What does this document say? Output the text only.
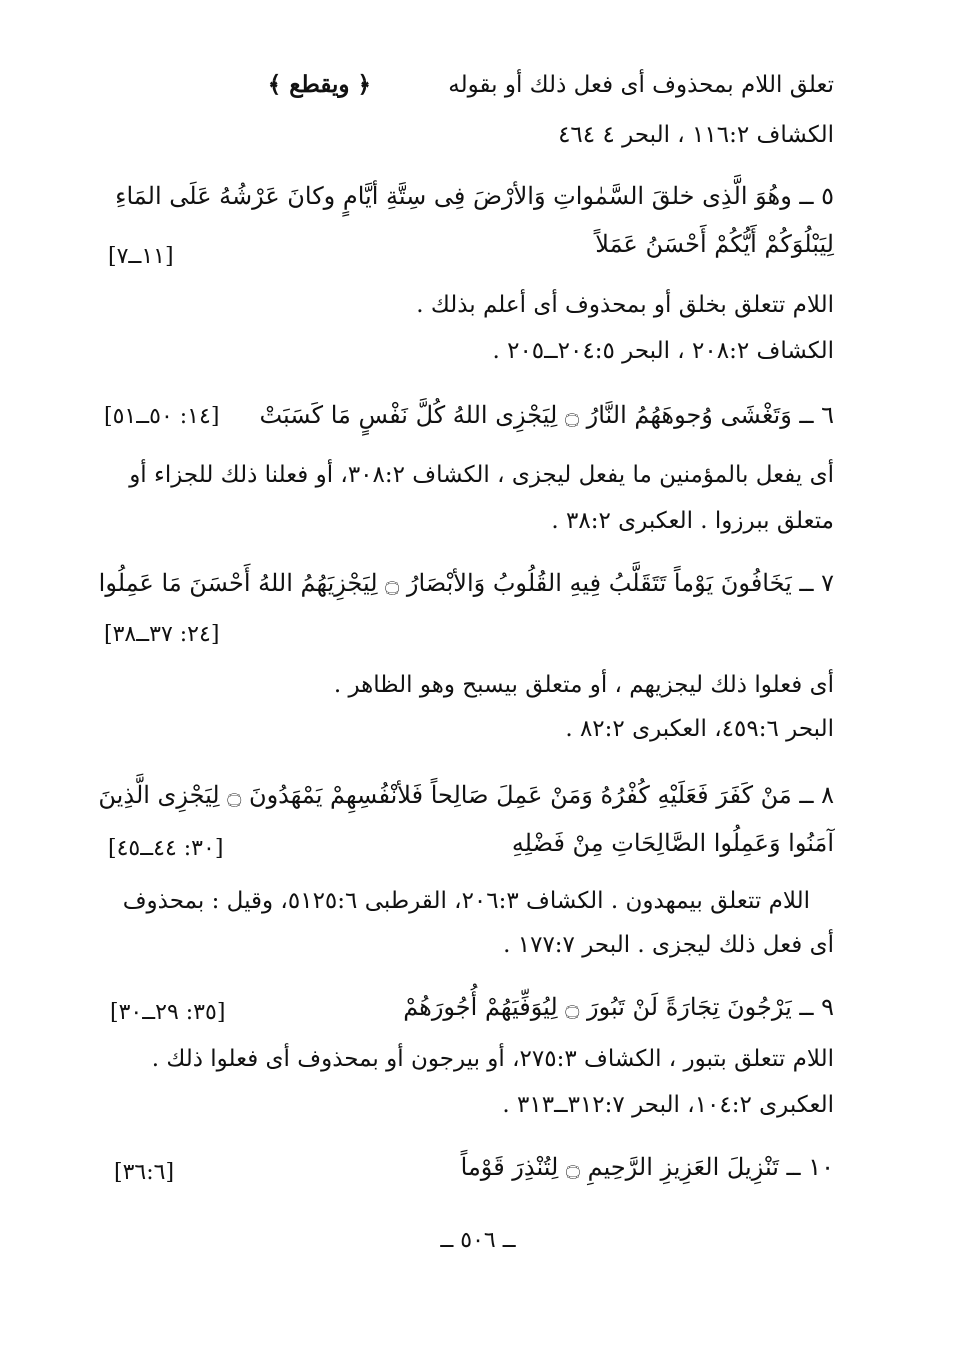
تعلق اللام بمحذوف أى فعل ذلك أو بقوله ﴿ ويقطع ﴾
الكشاف ١١٦:٢ ، البحر ٤ ٤٦٤
٥ ــ وهُوَ الَّذِى خلقَ السَّمٰواتِ وَالأرْضَ فِى سِتَّةِ أيَّامٍ وكانَ عَرْشُهُ عَلَى المَاءِ
لِيَبْلُوَكُمْ أَيُّكُمْ أَحْسَنُ عَمَلاً
[١١ــ٧]
اللام تتعلق بخلق أو بمحذوف أى أعلم بذلك .
الكشاف ٢٠٨:٢ ، البحر ٢٠٤:٥ــ٢٠٥ .
٦ ــ وَتَغْشَى وُجوهَهُمُ النَّارُ ۝ لِيَجْزِى اللهُ كُلَّ نَفْسٍ مَا كَسَبَتْ
[١٤: ٥٠ــ٥١]
أى يفعل بالمؤمنين ما يفعل ليجزى ، الكشاف ٣٠٨:٢، أو فعلنا ذلك للجزاء أو
متعلق ببرزوا . العكبرى ٣٨:٢ .
٧ ــ يَخَافُونَ يَوْماً تَتَقَلَّبُ فِيهِ القُلُوبُ وَالأبْصَارُ ۝ لِيَجْزِيَهُمُ اللهُ أَحْسَنَ مَا عَمِلُوا
[٢٤: ٣٧ــ٣٨]
أى فعلوا ذلك ليجزيهم ، أو متعلق بيسبح وهو الظاهر .
البحر ٤٥٩:٦، العكبرى ٨٢:٢ .
٨ ــ مَنْ كَفَرَ فَعَلَيْهِ كُفْرُهُ وَمَنْ عَمِلَ صَالِحاً فَلأنْفُسِهِمْ يَمْهَدُونَ ۝ لِيَجْزِى الَّذِينَ
آمَنُوا وَعَمِلُوا الصَّالِحَاتِ مِنْ فَضْلِهِ
[٣٠: ٤٤ــ٤٥]
اللام تتعلق بيمهدون . الكشاف ٢٠٦:٣، القرطبى ٥١٢٥:٦، وقيل : بمحذوف
أى فعل ذلك ليجزى . البحر ١٧٧:٧ .
٩ ــ يَرْجُونَ تِجَارَةً لَنْ تَبُورَ ۝ لِيُوَفِّيَهُمْ أُجُورَهُمْ
[٣٥: ٢٩ــ٣٠]
اللام تتعلق بتبور ، الكشاف ٢٧٥:٣، أو بيرجون أو بمحذوف أى فعلوا ذلك .
العكبرى ١٠٤:٢، البحر ٣١٢:٧ــ٣١٣ .
١٠ ــ تَنْزِيلَ العَزِيزِ الرَّحِيمِ ۝ لِتُنْذِرَ قَوْماً
[٣٦:٦]
ــ ٥٠٦ ــ
